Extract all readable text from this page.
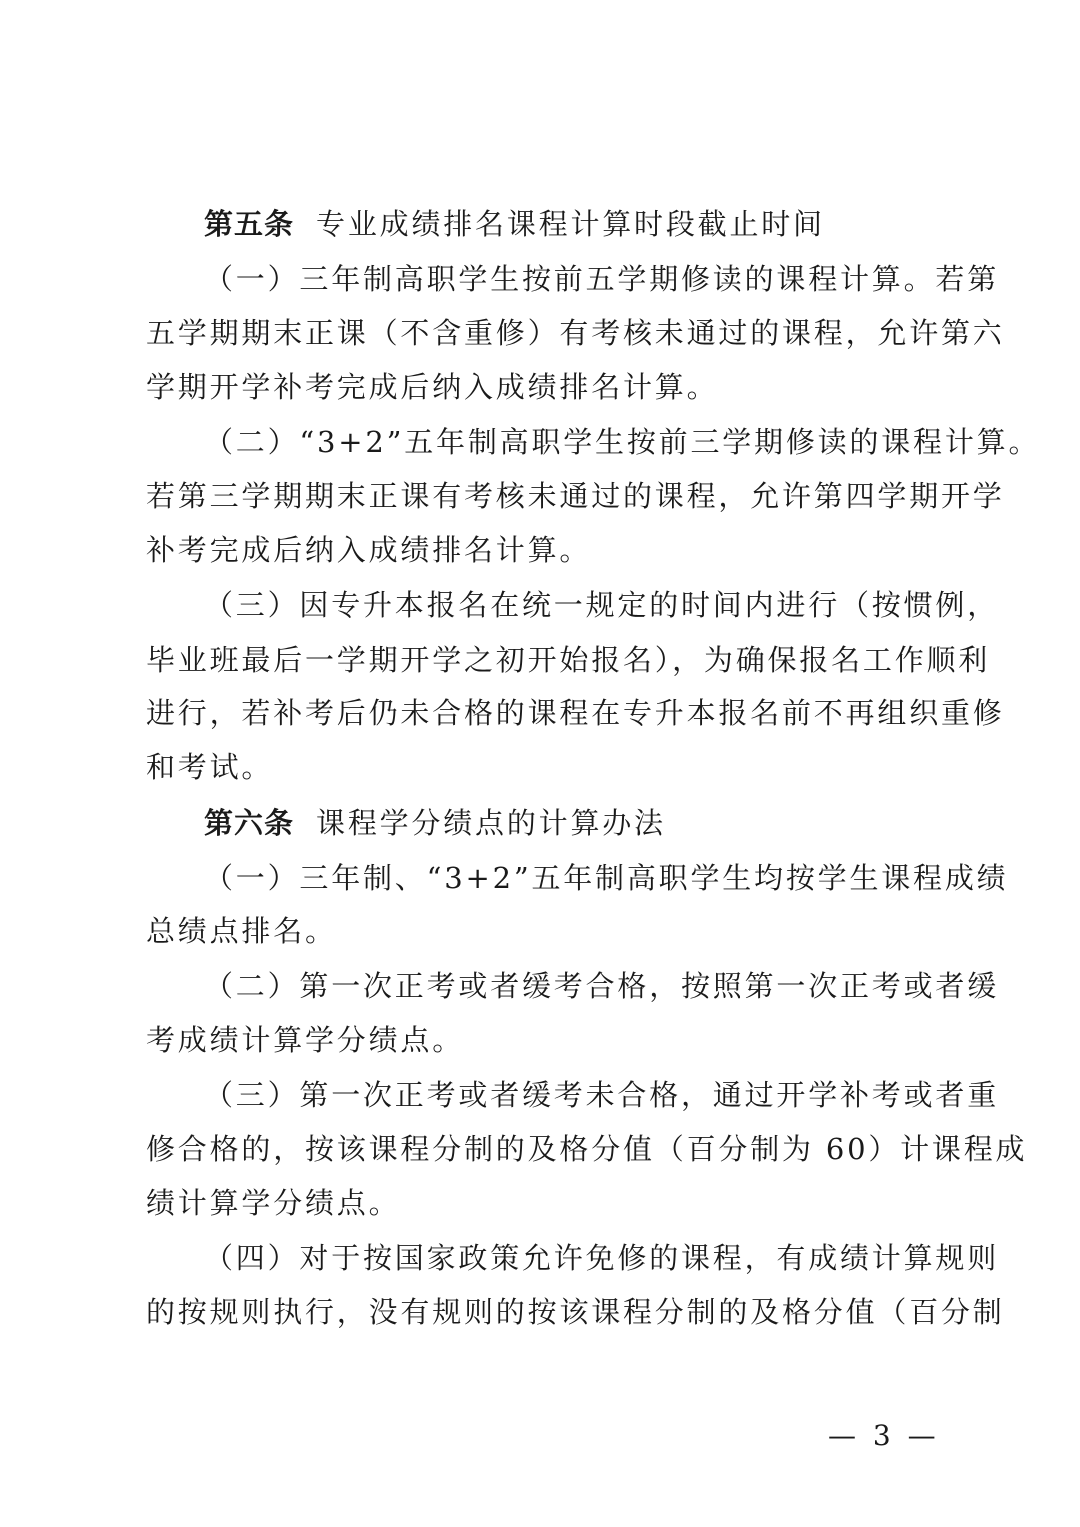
第五条 专业成绩排名课程计算时段截止时间
（一）三年制高职学生按前五学期修读的课程计算。若第
五学期期末正课（不含重修）有考核未通过的课程，允许第六
学期开学补考完成后纳入成绩排名计算。
（二）“3+2”五年制高职学生按前三学期修读的课程计算。
若第三学期期末正课有考核未通过的课程，允许第四学期开学
补考完成后纳入成绩排名计算。
（三）因专升本报名在统一规定的时间内进行（按惯例，
毕业班最后一学期开学之初开始报名），为确保报名工作顺利
进行，若补考后仍未合格的课程在专升本报名前不再组织重修
和考试。
第六条 课程学分绩点的计算办法
（一）三年制、“3+2”五年制高职学生均按学生课程成绩
总绩点排名。
（二）第一次正考或者缓考合格，按照第一次正考或者缓
考成绩计算学分绩点。
（三）第一次正考或者缓考未合格，通过开学补考或者重
修合格的，按该课程分制的及格分值（百分制为 60）计课程成
绩计算学分绩点。
（四）对于按国家政策允许免修的课程，有成绩计算规则
的按规则执行，没有规则的按该课程分制的及格分值（百分制
— 3 —
